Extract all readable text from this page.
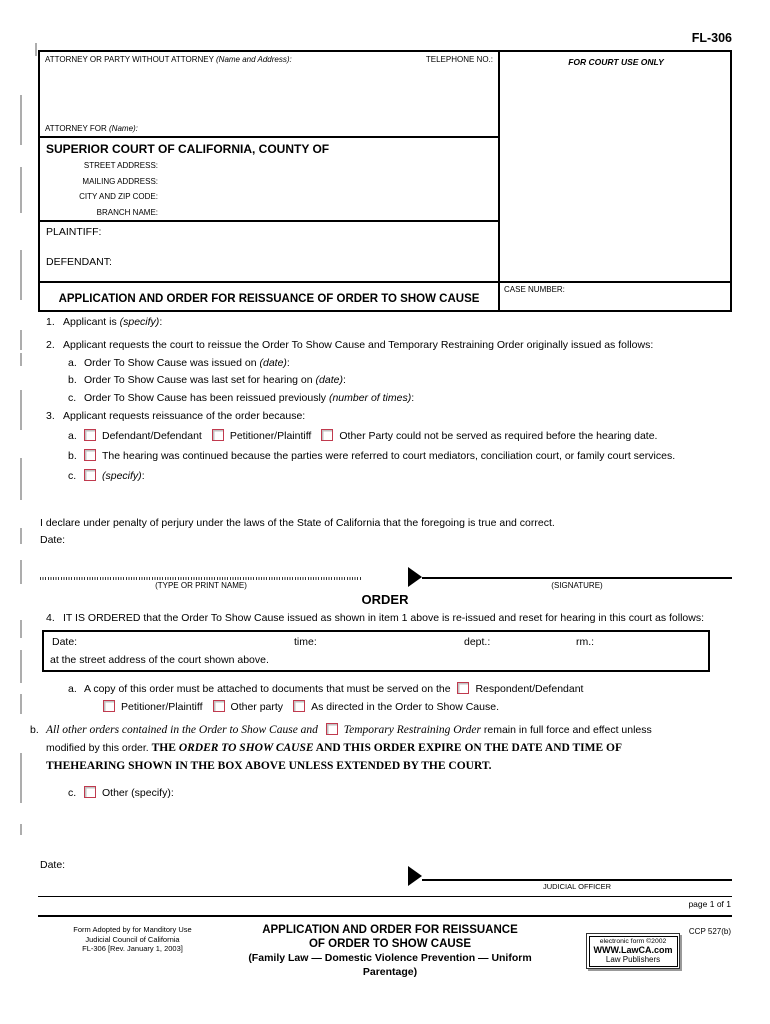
FL-306
ATTORNEY OR PARTY WITHOUT ATTORNEY (Name and Address):	TELEPHONE NO.:
ATTORNEY FOR (Name):
FOR COURT USE ONLY
SUPERIOR COURT OF CALIFORNIA, COUNTY OF
STREET ADDRESS:
MAILING ADDRESS:
CITY AND ZIP CODE:
BRANCH NAME:
PLAINTIFF:
DEFENDANT:
APPLICATION AND ORDER FOR REISSUANCE OF ORDER TO SHOW CAUSE
CASE NUMBER:
1. Applicant is (specify):
2. Applicant requests the court to reissue the Order To Show Cause and Temporary Restraining Order originally issued as follows:
a. Order To Show Cause was issued on (date):
b. Order To Show Cause was last set for hearing on (date):
c. Order To Show Cause has been reissued previously (number of times):
3. Applicant requests reissuance of the order because:
a. Defendant/Defendant	Petitioner/Plaintiff	Other Party could not be served as required before the hearing date.
b. The hearing was continued because the parties were referred to court mediators, conciliation court, or family court services.
c. (specify):
I declare under penalty of perjury under the laws of the State of California that the foregoing is true and correct.
Date:
(TYPE OR PRINT NAME)	(SIGNATURE)
ORDER
4. IT IS ORDERED that the Order To Show Cause issued as shown in item 1 above is re-issued and reset for hearing in this court as follows:
Date:	time:	dept.:	rm.:
at the street address of the court shown above.
a. A copy of this order must be attached to documents that must be served on the Respondent/Defendant
Petitioner/Plaintiff	Other party	As directed in the Order to Show Cause.
b. All other orders contained in the Order to Show Cause and Temporary Restraining Order remain in full force and effect unless modified by this order. THE ORDER TO SHOW CAUSE AND THIS ORDER EXPIRE ON THE DATE AND TIME OF THEHEARING SHOWN IN THE BOX ABOVE UNLESS EXTENDED BY THE COURT.
c. Other (specify):
Date:
JUDICIAL OFFICER
page 1 of 1
Form Adopted by for Manditory Use
Judicial Council of California
FL-306 [Rev. January 1, 2003]
APPLICATION AND ORDER FOR REISSUANCE
OF ORDER TO SHOW CAUSE
(Family Law — Domestic Violence Prevention — Uniform Parentage)
electronic form ©2002
WWW.LawCA.com
Law Publishers
CCP 527(b)
